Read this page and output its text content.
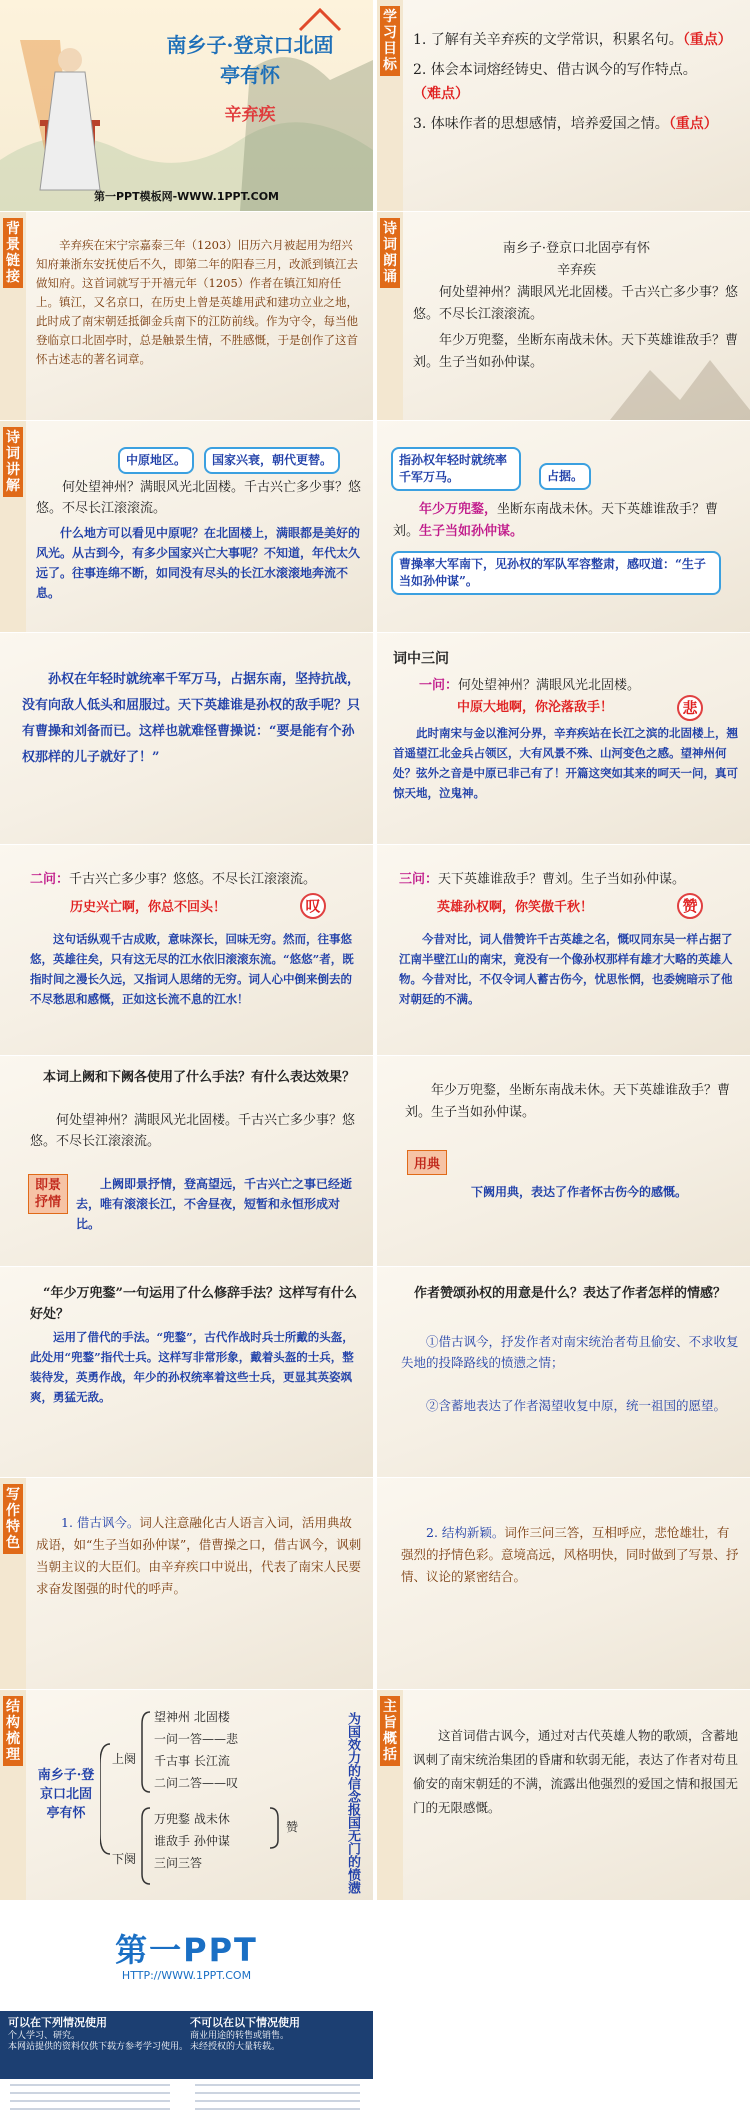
南乡子·登京口北固
亭有怀
辛弃疾
第一PPT模板网-WWW.1PPT.COM
学习目标
1. 了解有关辛弃疾的文学常识，积累名句。（重点）
2. 体会本词熔经铸史、借古讽今的写作特点。（难点）
3. 体味作者的思想感情，培养爱国之情。（重点）
背景链接
辛弃疾在宋宁宗嘉泰三年（1203）旧历六月被起用为绍兴知府兼浙东安抚使后不久，即第二年的阳春三月，改派到镇江去做知府。这首词就写于开禧元年（1205）作者在镇江知府任上。镇江，又名京口，在历史上曾是英雄用武和建功立业之地，此时成了南宋朝廷抵御金兵南下的江防前线。作为守令，每当他登临京口北固亭时，总是触景生情，不胜感慨，于是创作了这首怀古述志的著名词章。
诗词朗诵
南乡子·登京口北固亭有怀
辛弃疾
何处望神州？满眼风光北固楼。千古兴亡多少事？悠悠。不尽长江滚滚流。
年少万兜鍪，坐断东南战未休。天下英雄谁敌手？曹刘。生子当如孙仲谋。
诗词讲解
中原地区。	国家兴衰，朝代更替。
何处望神州？满眼风光北固楼。千古兴亡多少事？悠悠。不尽长江滚滚流。
什么地方可以看见中原呢？在北固楼上，满眼都是美好的风光。从古到今，有多少国家兴亡大事呢？不知道，年代太久远了。往事连绵不断，如同没有尽头的长江水滚滚地奔流不息。
指孙权年轻时就统率千军万马。	占据。
年少万兜鍪，坐断东南战未休。天下英雄谁敌手？曹刘。生子当如孙仲谋。
曹操率大军南下，见孙权的军队军容整肃，感叹道：“生子当如孙仲谋”。
孙权在年轻时就统率千军万马，占据东南，坚持抗战，没有向敌人低头和屈服过。天下英雄谁是孙权的敌手呢？只有曹操和刘备而已。这样也就难怪曹操说：“要是能有个孙权那样的儿子就好了！”
词中三问
一问：何处望神州？满眼风光北固楼。
中原大地啊，你沦落敌手！	悲
此时南宋与金以淮河分界，辛弃疾站在长江之滨的北固楼上，翘首遥望江北金兵占领区，大有风景不殊、山河变色之感。望神州何处？弦外之音是中原已非己有了！开篇这突如其来的呵天一问，真可惊天地，泣鬼神。
二问：千古兴亡多少事？悠悠。不尽长江滚滚流。
历史兴亡啊，你总不回头！	叹
这句话纵观千古成败，意味深长，回味无穷。然而，往事悠悠，英雄往矣，只有这无尽的江水依旧滚滚东流。“悠悠”者，既指时间之漫长久远，又指词人思绪的无穷。词人心中倒来倒去的不尽愁思和感慨，正如这长流不息的江水！
三问：天下英雄谁敌手？曹刘。生子当如孙仲谋。
英雄孙权啊，你笑傲千秋！	赞
今昔对比，词人借赞许千古英雄之名，慨叹同东吴一样占据了江南半壁江山的南宋，竟没有一个像孙权那样有雄才大略的英雄人物。今昔对比，不仅令词人蓄古伤今，忧思怅惘，也委婉暗示了他对朝廷的不满。
本词上阙和下阙各使用了什么手法？有什么表达效果？
何处望神州？满眼风光北固楼。千古兴亡多少事？悠悠。不尽长江滚滚流。
即景抒情
上阙即景抒情，登高望远，千古兴亡之事已经逝去，唯有滚滚长江，不舍昼夜，短暂和永恒形成对比。
年少万兜鍪，坐断东南战未休。天下英雄谁敌手？曹刘。生子当如孙仲谋。
用典
下阙用典，表达了作者怀古伤今的感慨。
“年少万兜鍪”一句运用了什么修辞手法？这样写有什么好处？
运用了借代的手法。“兜鍪”，古代作战时兵士所戴的头盔，此处用“兜鍪”指代士兵。这样写非常形象，戴着头盔的士兵，整装待发，英勇作战，年少的孙权统率着这些士兵，更显其英姿飒爽，勇猛无敌。
作者赞颂孙权的用意是什么？表达了作者怎样的情感？
①借古讽今，抒发作者对南宋统治者苟且偷安、不求收复失地的投降路线的愤懑之情；
②含蓄地表达了作者渴望收复中原，统一祖国的愿望。
写作特色
1. 借古讽今。词人注意融化古人语言入词，活用典故成语，如“生子当如孙仲谋”，借曹操之口，借古讽今，讽刺当朝主议的大臣们。由辛弃疾口中说出，代表了南宋人民要求奋发图强的时代的呼声。
2. 结构新颖。词作三问三答，互相呼应，悲怆雄壮，有强烈的抒情色彩。意境高远，风格明快，同时做到了写景、抒情、议论的紧密结合。
结构梳理
南乡子·登京口北固亭有怀
上阕
下阕
望神州 北固楼
一问一答——悲
千古事 长江流
二问二答——叹
万兜鍪 战未休
谁敌手 孙仲谋
三问三答
赞	为国效力的信念报国无门的愤懑
主旨概括
这首词借古讽今，通过对古代英雄人物的歌颂，含蓄地讽刺了南宋统治集团的昏庸和软弱无能，表达了作者对苟且偷安的南宋朝廷的不满，流露出他强烈的爱国之情和报国无门的无限感慨。
第一PPT
HTTP://WWW.1PPT.COM
可以在下列情况使用
个人学习、研究。
本网站提供的资料仅供下载方参考学习使用。
不可以在以下情况使用
商业用途的转售或销售。
未经授权的大量转载。
